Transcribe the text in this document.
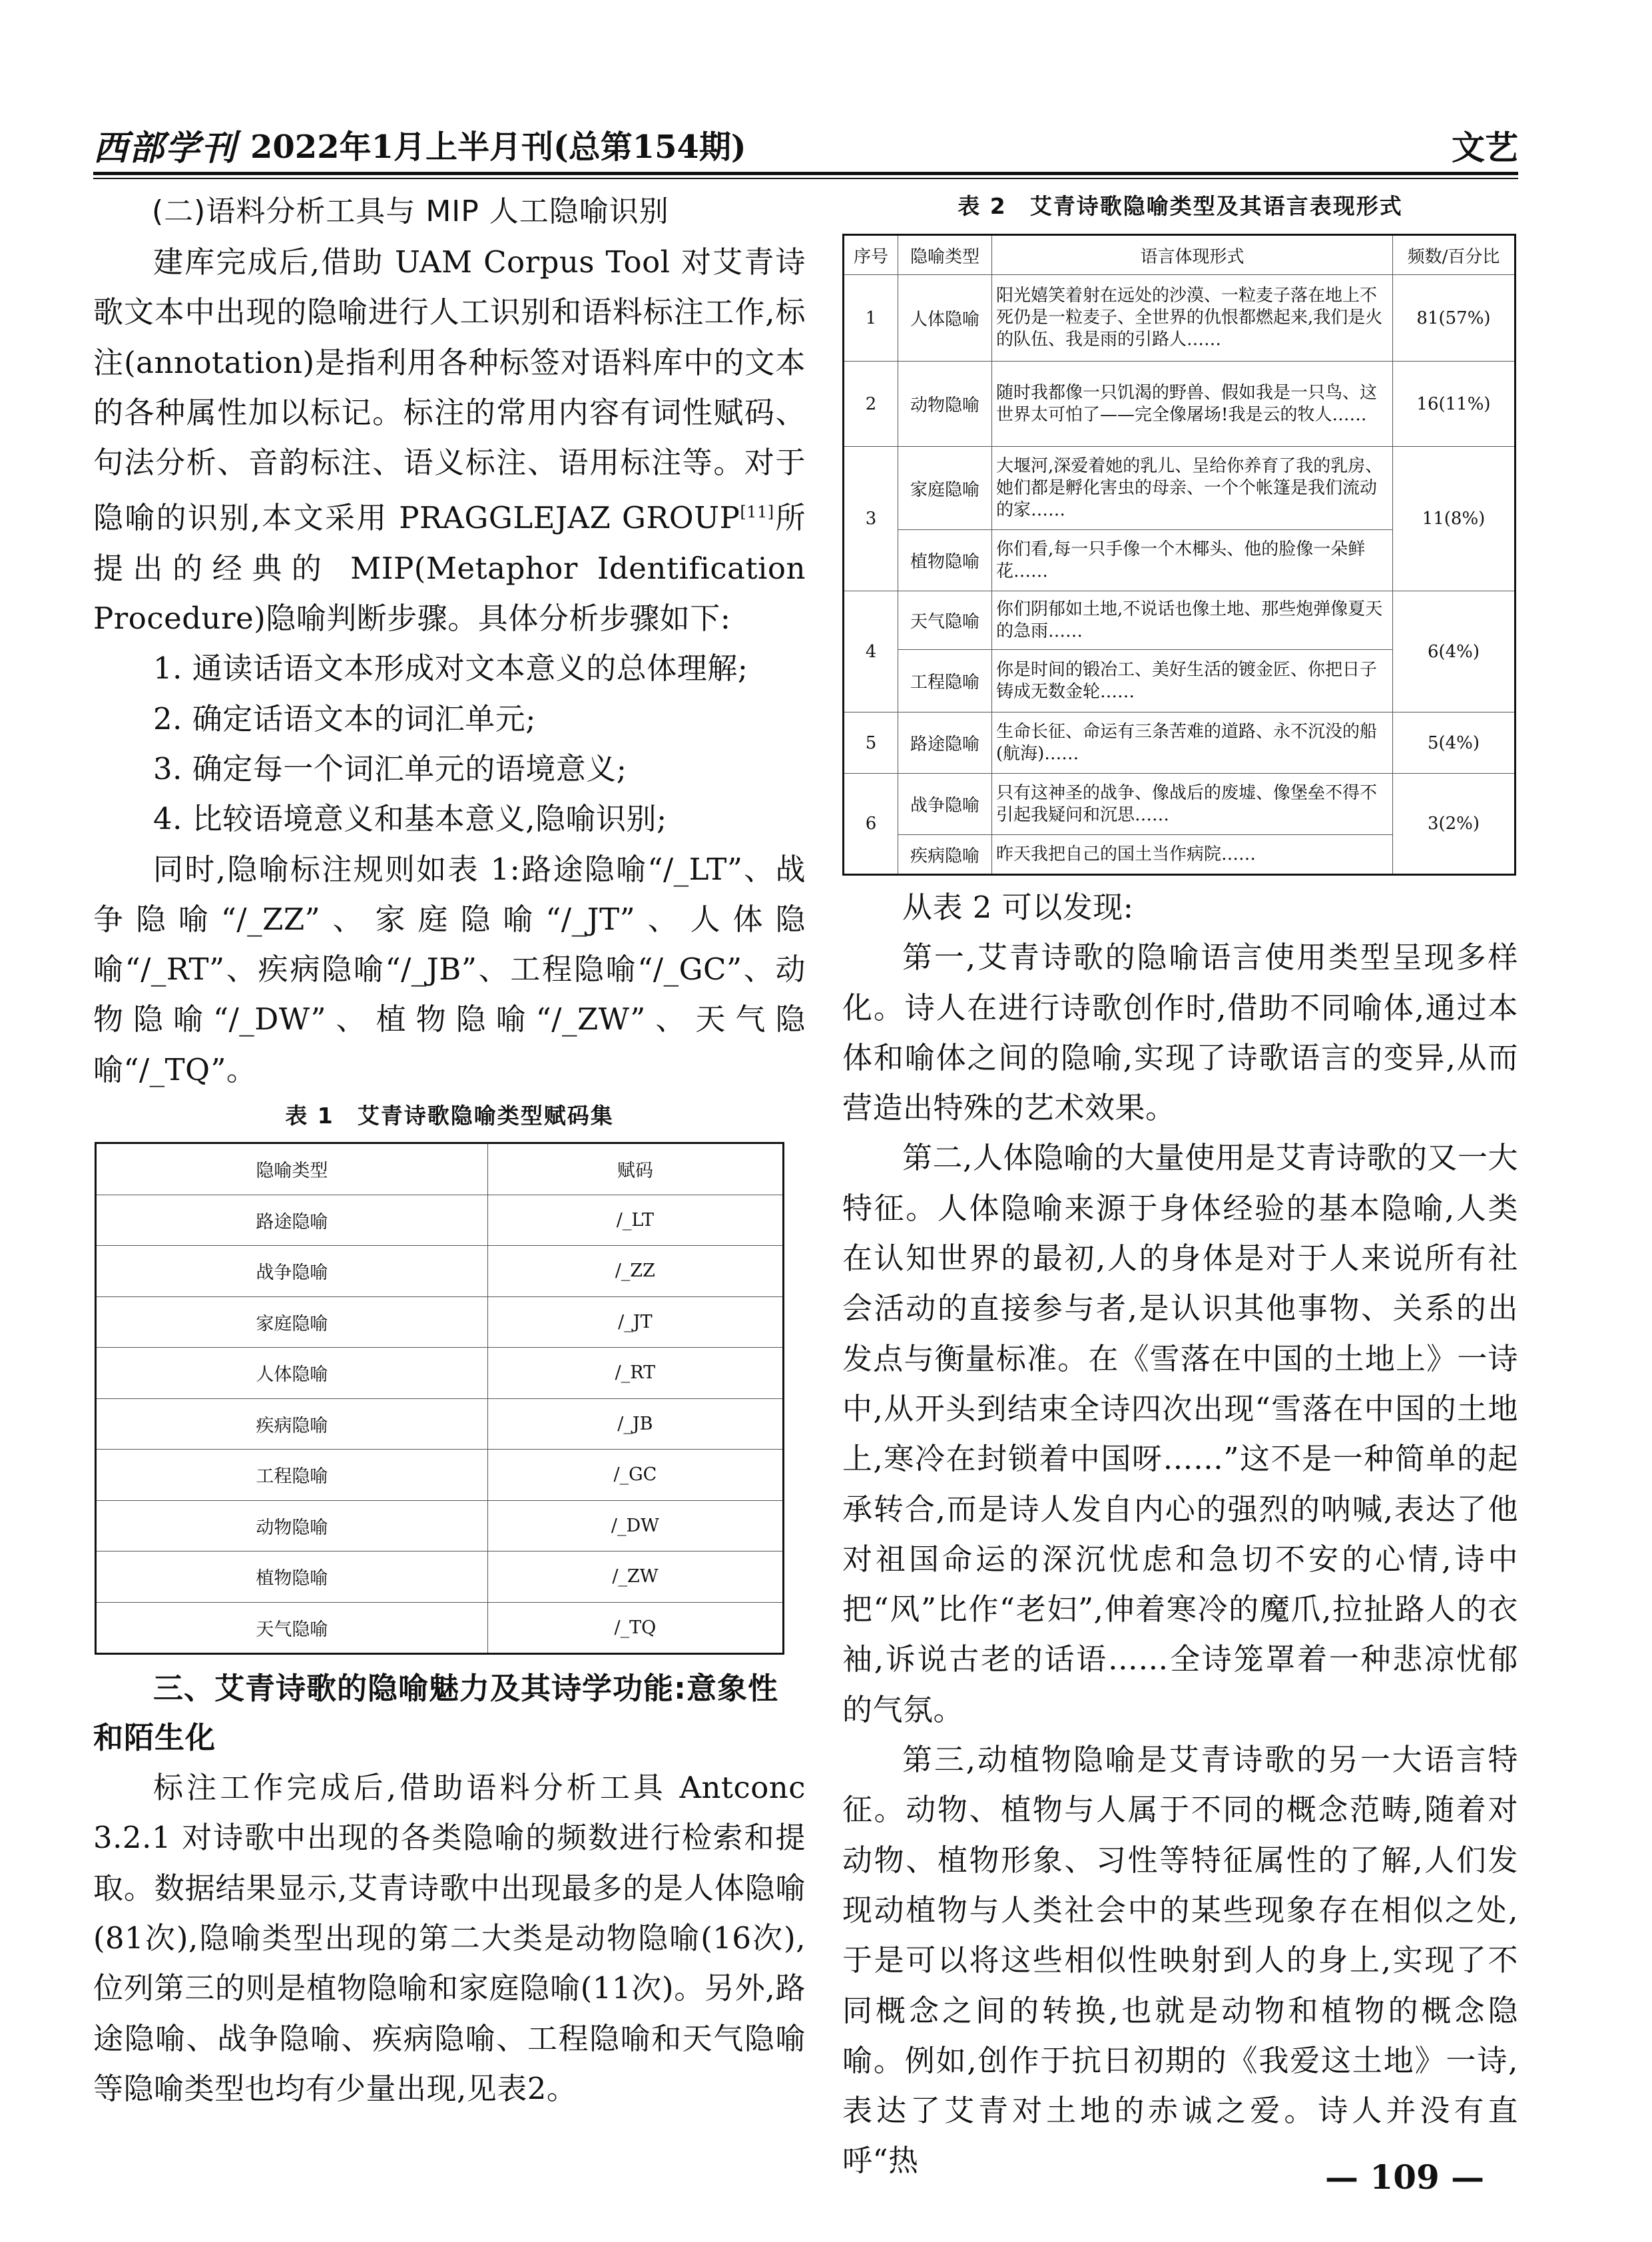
西部学刊 2022年1月上半月刊(总第154期)	文艺

(二)语料分析工具与 MIP 人工隐喻识别

建库完成后,借助 UAM Corpus Tool 对艾青诗歌文本中出现的隐喻进行人工识别和语料标注工作,标注(annotation)是指利用各种标签对语料库中的文本的各种属性加以标记。标注的常用内容有词性赋码、句法分析、音韵标注、语义标注、语用标注等。对于隐喻的识别,本文采用 PRAGGLEJAZ GROUP[11]所提出的经典的 MIP(Metaphor Identification Procedure)隐喻判断步骤。具体分析步骤如下:

1. 通读话语文本形成对文本意义的总体理解;

2. 确定话语文本的词汇单元;

3. 确定每一个词汇单元的语境意义;

4. 比较语境意义和基本意义,隐喻识别;

同时,隐喻标注规则如表 1:路途隐喻“/_LT”、战争隐喻“/_ZZ”、家庭隐喻“/_JT”、人体隐喻“/_RT”、疾病隐喻“/_JB”、工程隐喻“/_GC”、动物隐喻“/_DW”、植物隐喻“/_ZW”、天气隐喻“/_TQ”。

表 1　艾青诗歌隐喻类型赋码集
隐喻类型	赋码
路途隐喻	/_LT
战争隐喻	/_ZZ
家庭隐喻	/_JT
人体隐喻	/_RT
疾病隐喻	/_JB
工程隐喻	/_GC
动物隐喻	/_DW
植物隐喻	/_ZW
天气隐喻	/_TQ

三、艾青诗歌的隐喻魅力及其诗学功能:意象性和陌生化

标注工作完成后,借助语料分析工具 Antconc 3.2.1 对诗歌中出现的各类隐喻的频数进行检索和提取。数据结果显示,艾青诗歌中出现最多的是人体隐喻(81次),隐喻类型出现的第二大类是动物隐喻(16次),位列第三的则是植物隐喻和家庭隐喻(11次)。另外,路途隐喻、战争隐喻、疾病隐喻、工程隐喻和天气隐喻等隐喻类型也均有少量出现,见表2。

表 2　艾青诗歌隐喻类型及其语言表现形式
序号	隐喻类型	语言体现形式	频数/百分比
1	人体隐喻	阳光嬉笑着射在远处的沙漠、一粒麦子落在地上不死仍是一粒麦子、全世界的仇恨都燃起来,我们是火的队伍、我是雨的引路人……	81(57%)
2	动物隐喻	随时我都像一只饥渴的野兽、假如我是一只鸟、这世界太可怕了——完全像屠场!我是云的牧人……	16(11%)
3	家庭隐喻	大堰河,深爱着她的乳儿、呈给你养育了我的乳房、她们都是孵化害虫的母亲、一个个帐篷是我们流动的家……	11(8%)
	植物隐喻	你们看,每一只手像一个木椰头、他的脸像一朵鲜花……	
4	天气隐喻	你们阴郁如土地,不说话也像土地、那些炮弹像夏天的急雨……	6(4%)
	工程隐喻	你是时间的锻冶工、美好生活的镀金匠、你把日子铸成无数金轮……	
5	路途隐喻	生命长征、命运有三条苦难的道路、永不沉没的船(航海)……	5(4%)
6	战争隐喻	只有这神圣的战争、像战后的废墟、像堡垒不得不引起我疑问和沉思……	3(2%)
	疾病隐喻	昨天我把自己的国土当作病院……	

从表 2 可以发现:

第一,艾青诗歌的隐喻语言使用类型呈现多样化。诗人在进行诗歌创作时,借助不同喻体,通过本体和喻体之间的隐喻,实现了诗歌语言的变异,从而营造出特殊的艺术效果。

第二,人体隐喻的大量使用是艾青诗歌的又一大特征。人体隐喻来源于身体经验的基本隐喻,人类在认知世界的最初,人的身体是对于人来说所有社会活动的直接参与者,是认识其他事物、关系的出发点与衡量标准。在《雪落在中国的土地上》一诗中,从开头到结束全诗四次出现“雪落在中国的土地上,寒冷在封锁着中国呀……”这不是一种简单的起承转合,而是诗人发自内心的强烈的呐喊,表达了他对祖国命运的深沉忧虑和急切不安的心情,诗中把“风”比作“老妇”,伸着寒冷的魔爪,拉扯路人的衣袖,诉说古老的话语……全诗笼罩着一种悲凉忧郁的气氛。

第三,动植物隐喻是艾青诗歌的另一大语言特征。动物、植物与人属于不同的概念范畴,随着对动物、植物形象、习性等特征属性的了解,人们发现动植物与人类社会中的某些现象存在相似之处,于是可以将这些相似性映射到人的身上,实现了不同概念之间的转换,也就是动物和植物的概念隐喻。例如,创作于抗日初期的《我爱这土地》一诗,表达了艾青对土地的赤诚之爱。诗人并没有直呼“热	— 109 —
